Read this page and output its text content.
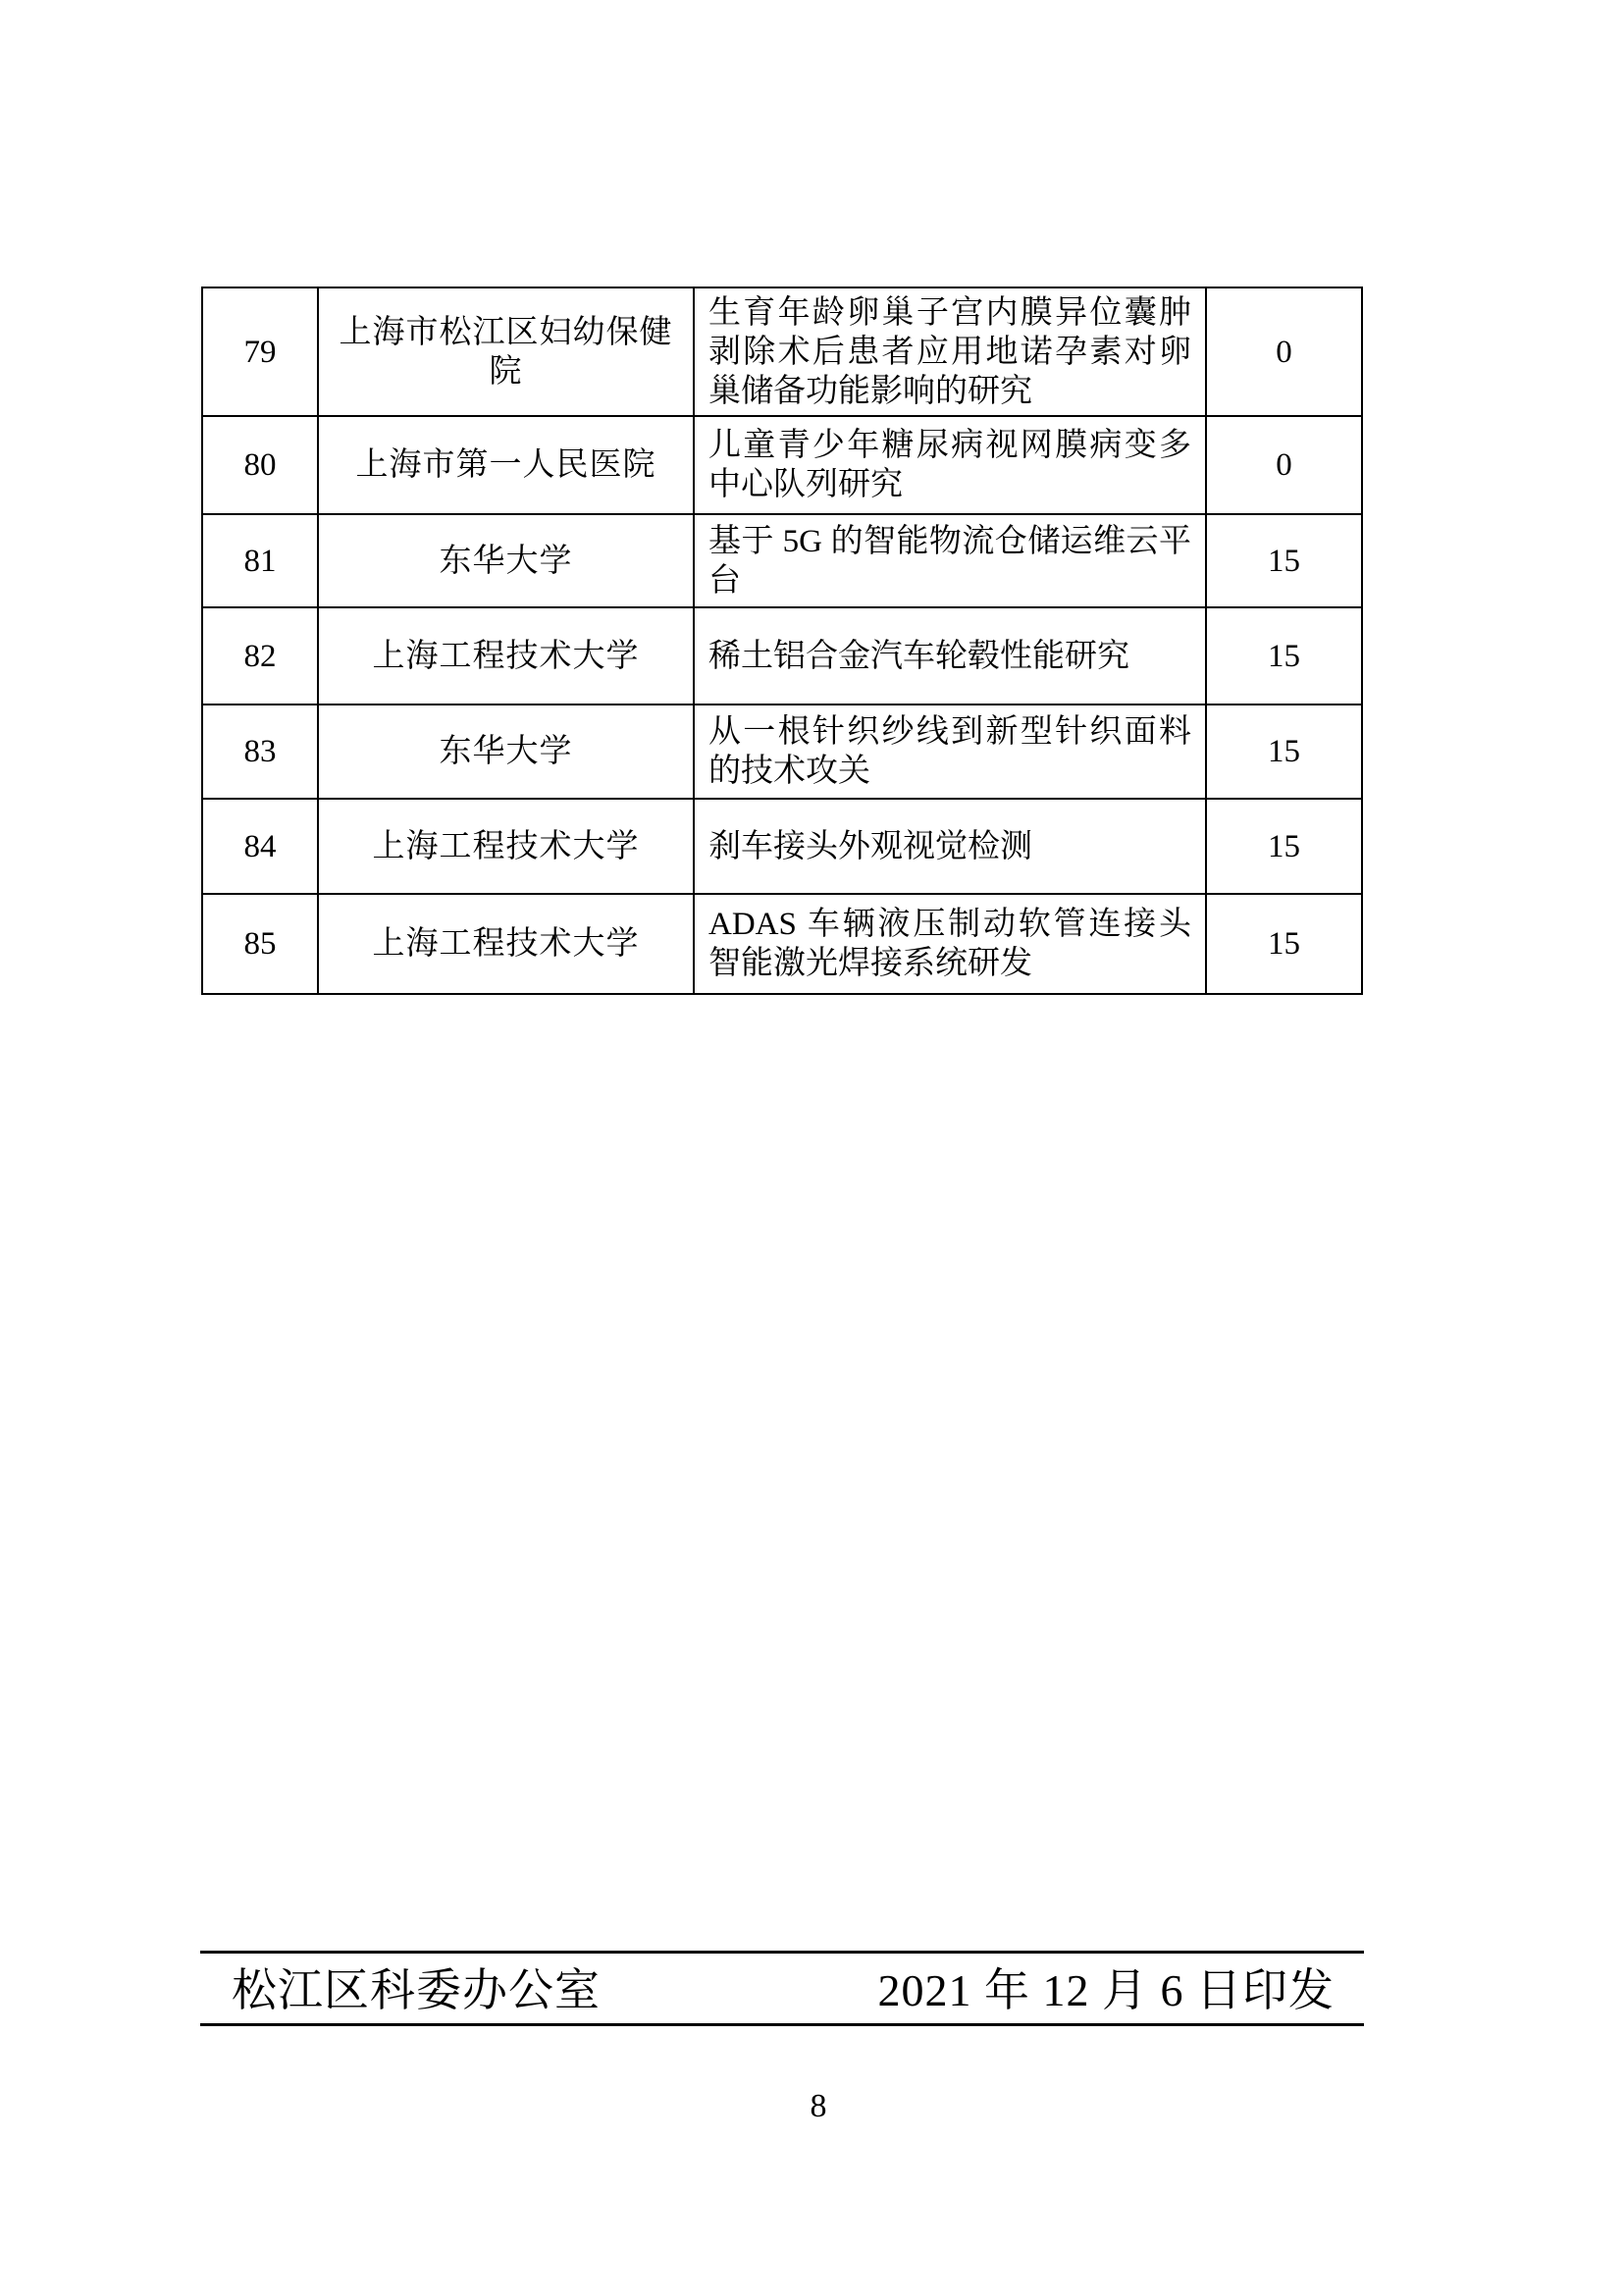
79	上海市松江区妇幼保健院	生育年龄卵巢子宫内膜异位囊肿剥除术后患者应用地诺孕素对卵巢储备功能影响的研究	0
80	上海市第一人民医院	儿童青少年糖尿病视网膜病变多中心队列研究	0
81	东华大学	基于 5G 的智能物流仓储运维云平台	15
82	上海工程技术大学	稀土铝合金汽车轮毂性能研究	15
83	东华大学	从一根针织纱线到新型针织面料的技术攻关	15
84	上海工程技术大学	刹车接头外观视觉检测	15
85	上海工程技术大学	ADAS 车辆液压制动软管连接头智能激光焊接系统研发	15
松江区科委办公室	2021 年 12 月 6 日印发
8
